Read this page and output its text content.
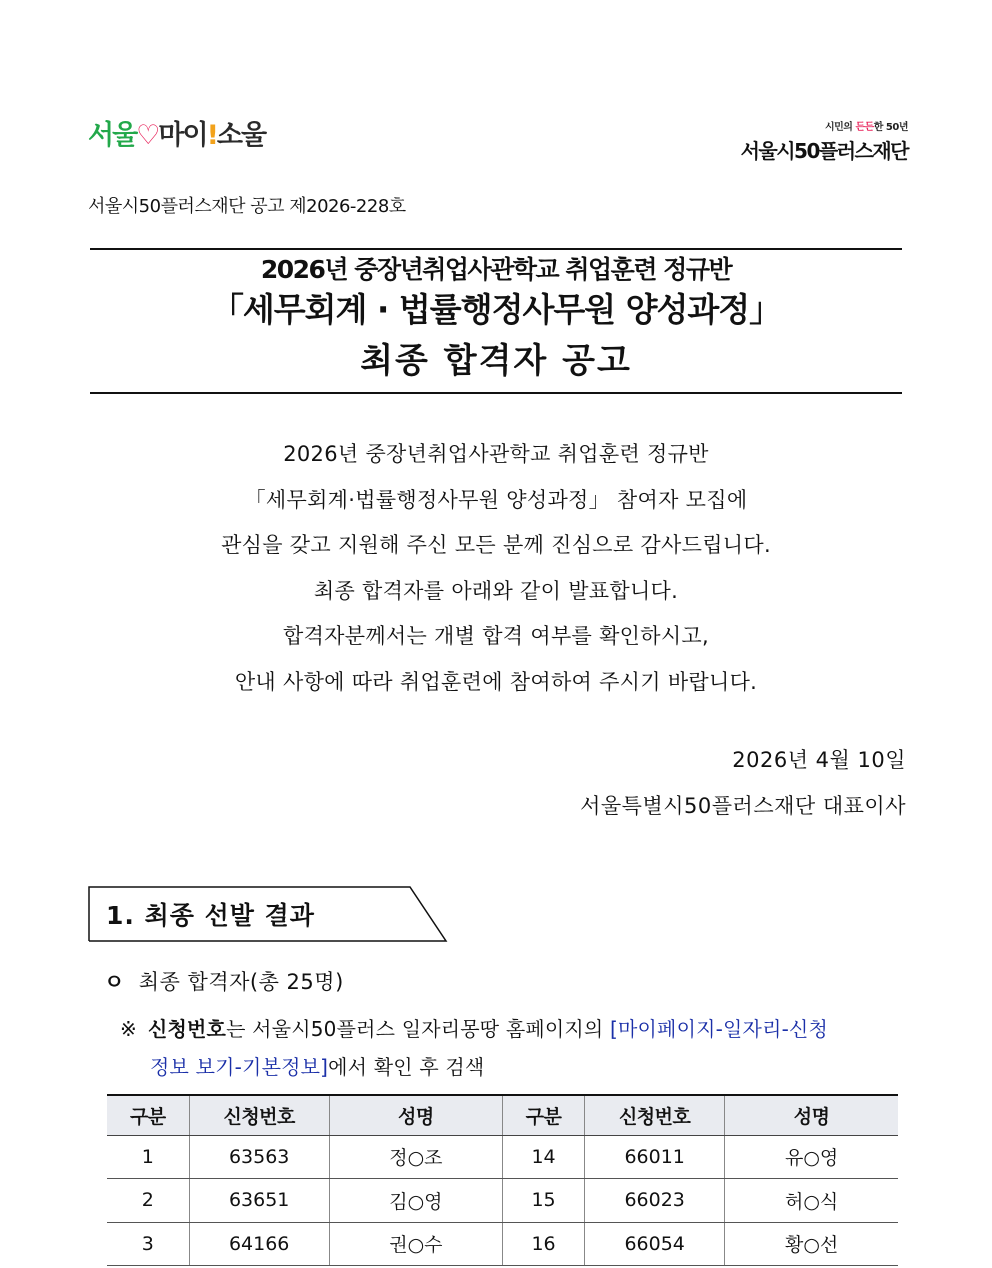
서울♡마이!소울	시민의 든든한 50년
서울시50플러스재단
서울시50플러스재단 공고 제2026-228호
2026년 중장년취업사관학교 취업훈련 정규반
「세무회계 · 법률행정사무원 양성과정」
최종 합격자 공고
2026년 중장년취업사관학교 취업훈련 정규반
「세무회계·법률행정사무원 양성과정」 참여자 모집에
관심을 갖고 지원해 주신 모든 분께 진심으로 감사드립니다.
최종 합격자를 아래와 같이 발표합니다.
합격자분께서는 개별 합격 여부를 확인하시고,
안내 사항에 따라 취업훈련에 참여하여 주시기 바랍니다.
2026년 4월 10일
서울특별시50플러스재단 대표이사
1. 최종 선발 결과
ㅇ 최종 합격자(총 25명)
※ 신청번호는 서울시50플러스 일자리몽땅 홈페이지의 [마이페이지-일자리-신청
정보 보기-기본정보]에서 확인 후 검색
구분	신청번호	성명	구분	신청번호	성명
1	63563	정○조	14	66011	유○영
2	63651	김○영	15	66023	허○식
3	64166	권○수	16	66054	황○선
